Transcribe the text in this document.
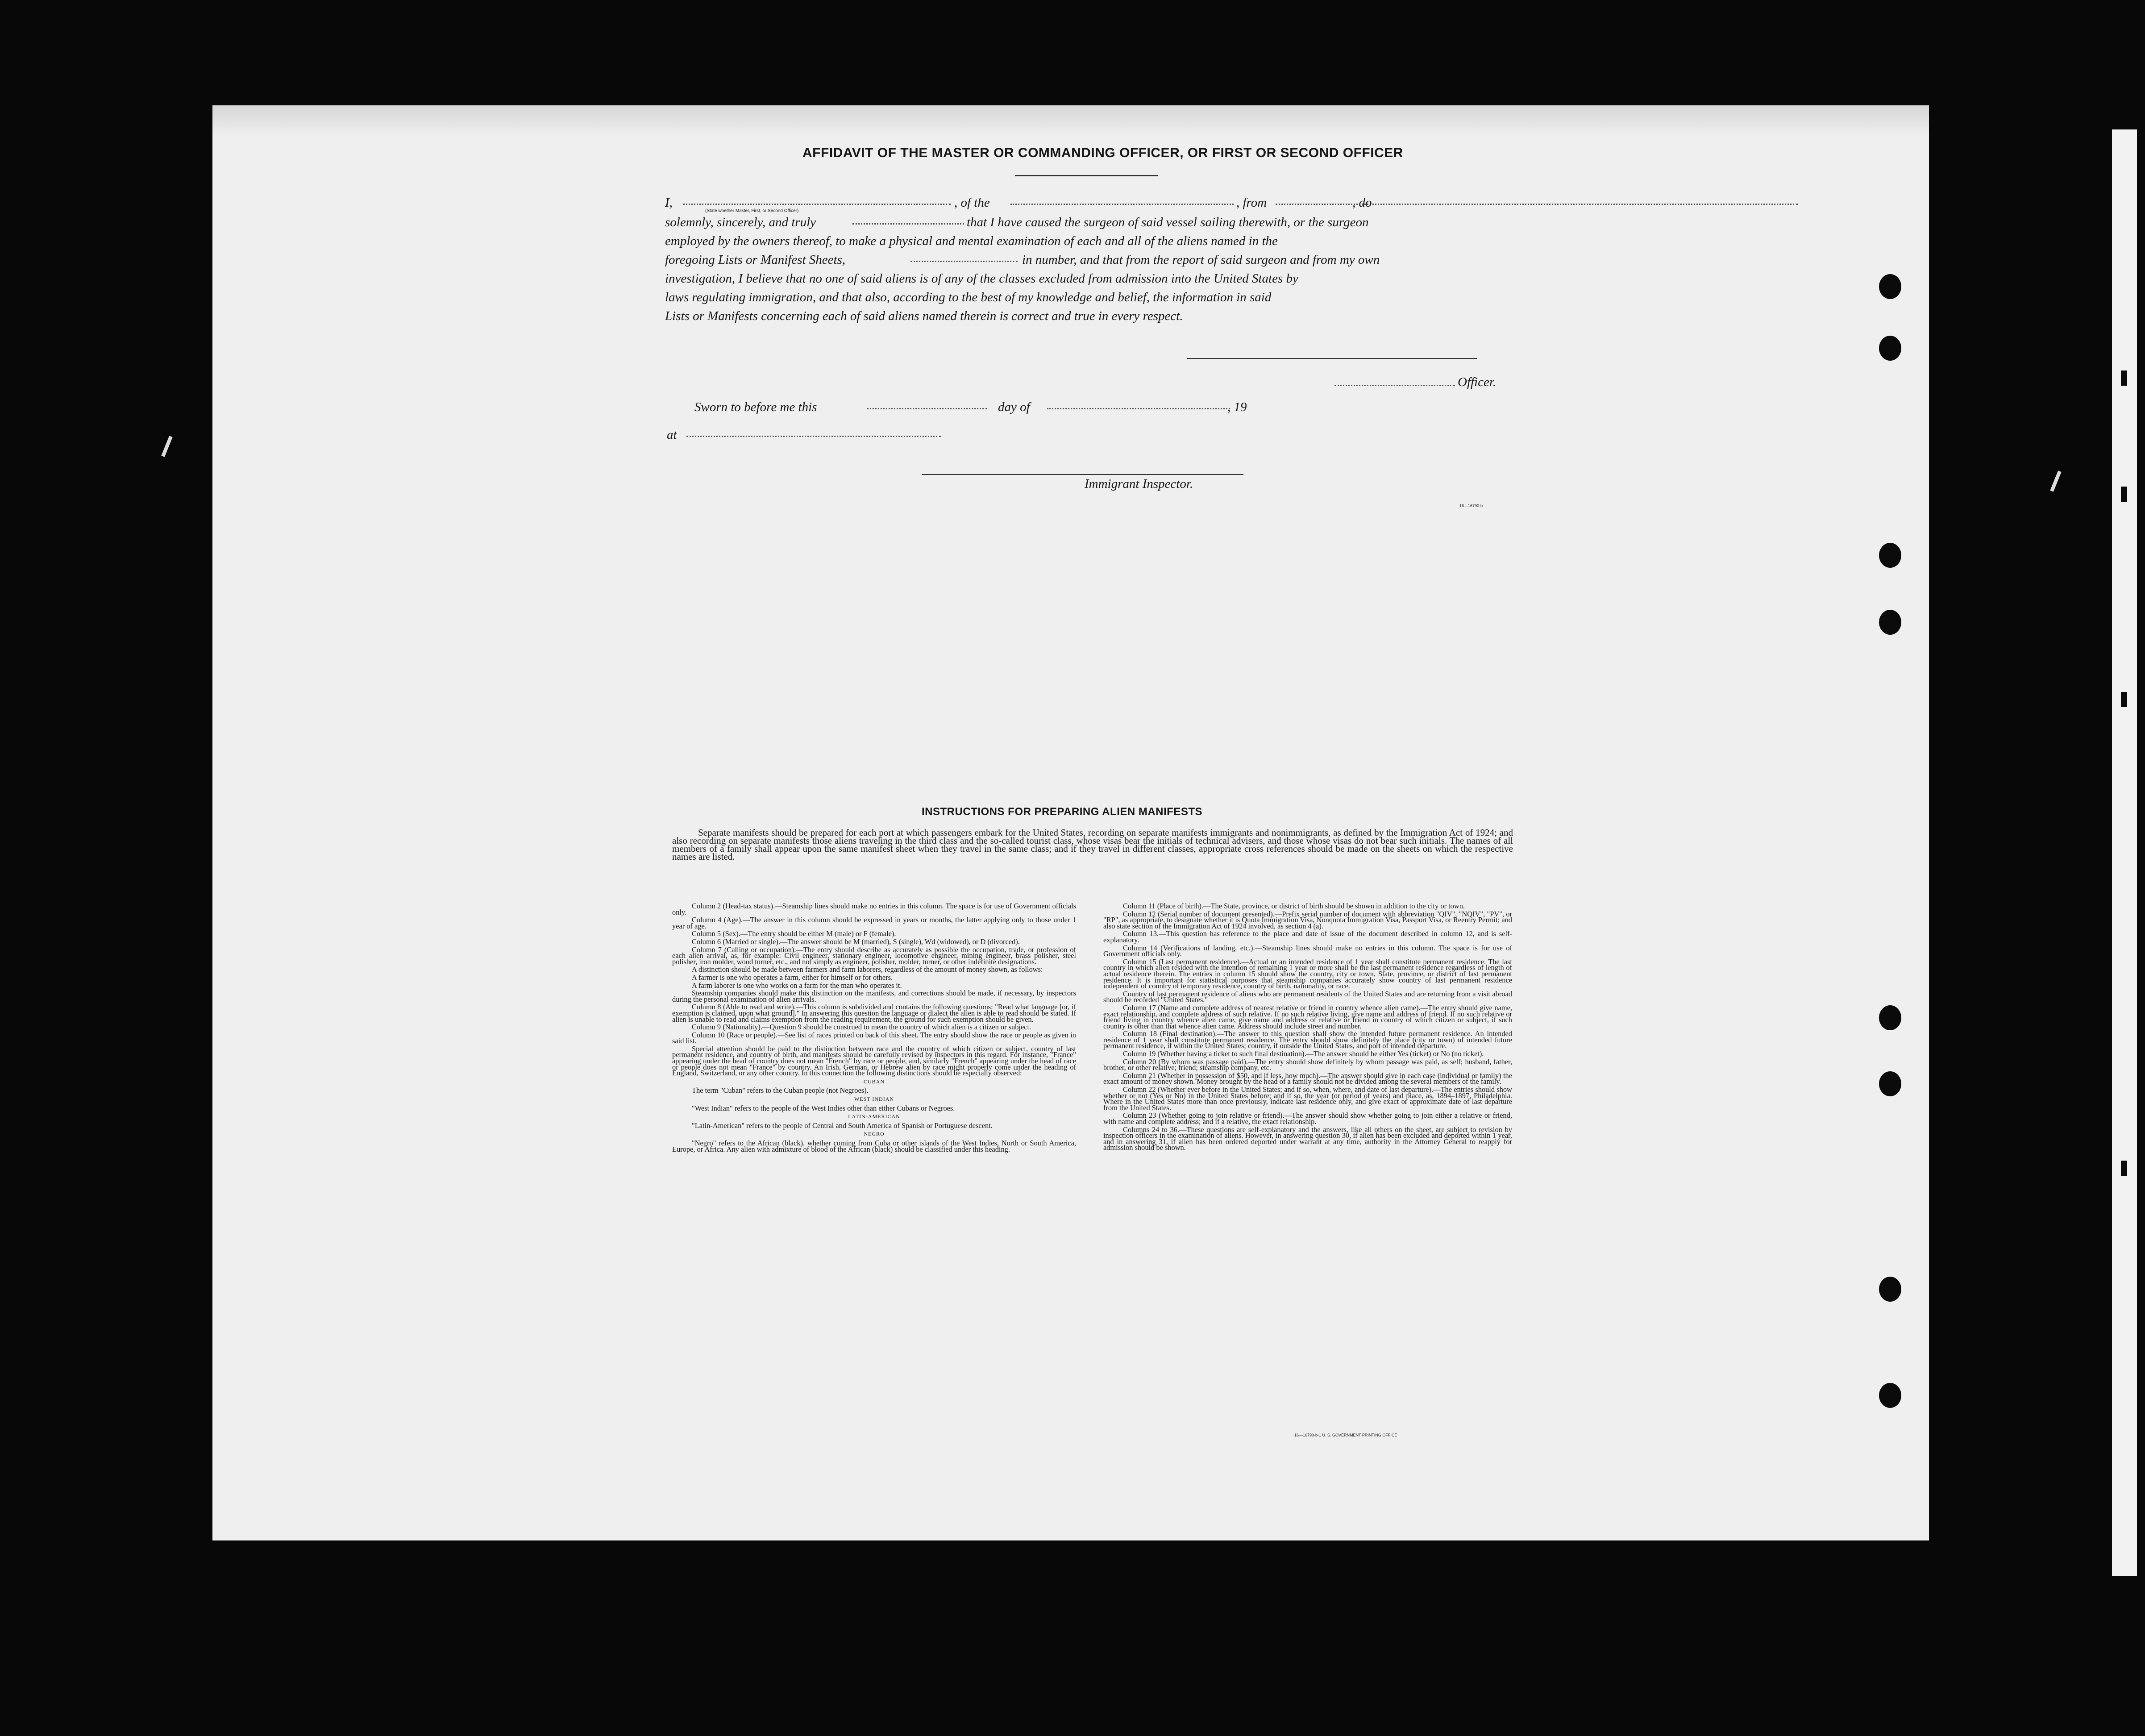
AFFIDAVIT OF THE MASTER OR COMMANDING OFFICER, OR FIRST OR SECOND OFFICER
I,	, of the	, from	, do
(State whether Master, First, or Second Officer)
solemnly, sincerely, and truly	that I have caused the surgeon of said vessel sailing therewith, or the surgeon
employed by the owners thereof, to make a physical and mental examination of each and all of the aliens named in the
foregoing Lists or Manifest Sheets,	in number, and that from the report of said surgeon and from my own
investigation, I believe that no one of said aliens is of any of the classes excluded from admission into the United States by
laws regulating immigration, and that also, according to the best of my knowledge and belief, the information in said
Lists or Manifests concerning each of said aliens named therein is correct and true in every respect.
Officer.
Sworn to before me this	day of	, 19
at
Immigrant Inspector.
16—16790-b
INSTRUCTIONS FOR PREPARING ALIEN MANIFESTS

Separate manifests should be prepared for each port at which passengers embark for the United States, recording on separate manifests immigrants and nonimmigrants, as defined by the Immigration Act of 1924; and also recording on separate manifests those aliens traveling in the third class and the so-called tourist class, whose visas bear the initials of technical advisers, and those whose visas do not bear such initials. The names of all members of a family shall appear upon the same manifest sheet when they travel in the same class; and if they travel in different classes, appropriate cross references should be made on the sheets on which the respective names are listed.

Column 2 (Head-tax status).—Steamship lines should make no entries in this column. The space is for use of Government officials only.

Column 4 (Age).—The answer in this column should be expressed in years or months, the latter applying only to those under 1 year of age.

Column 5 (Sex).—The entry should be either M (male) or F (female).

Column 6 (Married or single).—The answer should be M (married), S (single), Wd (widowed), or D (divorced).

Column 7 (Calling or occupation).—The entry should describe as accurately as possible the occupation, trade, or profession of each alien arrival, as, for example: Civil engineer, stationary engineer, locomotive engineer, mining engineer, brass polisher, steel polisher, iron molder, wood turner, etc., and not simply as engineer, polisher, molder, turner, or other indefinite designations.

A distinction should be made between farmers and farm laborers, regardless of the amount of money shown, as follows:

A farmer is one who operates a farm, either for himself or for others.

A farm laborer is one who works on a farm for the man who operates it.

Steamship companies should make this distinction on the manifests, and corrections should be made, if necessary, by inspectors during the personal examination of alien arrivals.

Column 8 (Able to read and write).—This column is subdivided and contains the following questions: "Read what language [or, if exemption is claimed, upon what ground]." In answering this question the language or dialect the alien is able to read should be stated. If alien is unable to read and claims exemption from the reading requirement, the ground for such exemption should be given.

Column 9 (Nationality).—Question 9 should be construed to mean the country of which alien is a citizen or subject.

Column 10 (Race or people).—See list of races printed on back of this sheet. The entry should show the race or people as given in said list.

Special attention should be paid to the distinction between race and the country of which citizen or subject, country of last permanent residence, and country of birth, and manifests should be carefully revised by inspectors in this regard. For instance, "France" appearing under the head of country does not mean "French" by race or people, and, similarly "French" appearing under the head of race or people does not mean "France" by country. An Irish, German, or Hebrew alien by race might properly come under the heading of England, Switzerland, or any other country. In this connection the following distinctions should be especially observed:

CUBAN

The term "Cuban" refers to the Cuban people (not Negroes).

WEST INDIAN

"West Indian" refers to the people of the West Indies other than either Cubans or Negroes.

LATIN-AMERICAN

"Latin-American" refers to the people of Central and South America of Spanish or Portuguese descent.

NEGRO

"Negro" refers to the African (black), whether coming from Cuba or other islands of the West Indies, North or South America, Europe, or Africa. Any alien with admixture of blood of the African (black) should be classified under this heading.

Column 11 (Place of birth).—The State, province, or district of birth should be shown in addition to the city or town.

Column 12 (Serial number of document presented).—Prefix serial number of document with abbreviation "QIV", "NQIV", "PV", or "RP", as appropriate, to designate whether it is Quota Immigration Visa, Nonquota Immigration Visa, Passport Visa, or Reentry Permit; and also state section of the Immigration Act of 1924 involved, as section 4 (a).

Column 13.—This question has reference to the place and date of issue of the document described in column 12, and is self-explanatory.

Column 14 (Verifications of landing, etc.).—Steamship lines should make no entries in this column. The space is for use of Government officials only.

Column 15 (Last permanent residence).—Actual or an intended residence of 1 year shall constitute permanent residence. The last country in which alien resided with the intention of remaining 1 year or more shall be the last permanent residence regardless of length of actual residence therein. The entries in column 15 should show the country, city or town, State, province, or district of last permanent residence. It is important for statistical purposes that steamship companies accurately show country of last permanent residence independent of country of temporary residence, country of birth, nationality, or race.

Country of last permanent residence of aliens who are permanent residents of the United States and are returning from a visit abroad should be recorded "United States."

Column 17 (Name and complete address of nearest relative or friend in country whence alien came).—The entry should give name, exact relationship, and complete address of such relative. If no such relative living, give name and address of friend. If no such relative or friend living in country whence alien came, give name and address of relative or friend in country of which citizen or subject, if such country is other than that whence alien came. Address should include street and number.

Column 18 (Final destination).—The answer to this question shall show the intended future permanent residence. An intended residence of 1 year shall constitute permanent residence. The entry should show definitely the place (city or town) of intended future permanent residence, if within the United States; country, if outside the United States, and port of intended departure.

Column 19 (Whether having a ticket to such final destination).—The answer should be either Yes (ticket) or No (no ticket).

Column 20 (By whom was passage paid).—The entry should show definitely by whom passage was paid, as self; husband, father, brother, or other relative; friend; steamship company, etc.

Column 21 (Whether in possession of $50, and if less, how much).—The answer should give in each case (individual or family) the exact amount of money shown. Money brought by the head of a family should not be divided among the several members of the family.

Column 22 (Whether ever before in the United States; and if so, when, where, and date of last departure).—The entries should show whether or not (Yes or No) in the United States before; and if so, the year (or period of years) and place, as, 1894–1897, Philadelphia. Where in the United States more than once previously, indicate last residence only, and give exact or approximate date of last departure from the United States.

Column 23 (Whether going to join relative or friend).—The answer should show whether going to join either a relative or friend, with name and complete address; and if a relative, the exact relationship.

Columns 24 to 36.—These questions are self-explanatory and the answers, like all others on the sheet, are subject to revision by inspection officers in the examination of aliens. However, in answering question 30, if alien has been excluded and deported within 1 year, and in answering 31, if alien has been ordered deported under warrant at any time, authority in the Attorney General to reapply for admission should be shown.

16—16790-b-1 U. S. GOVERNMENT PRINTING OFFICE
